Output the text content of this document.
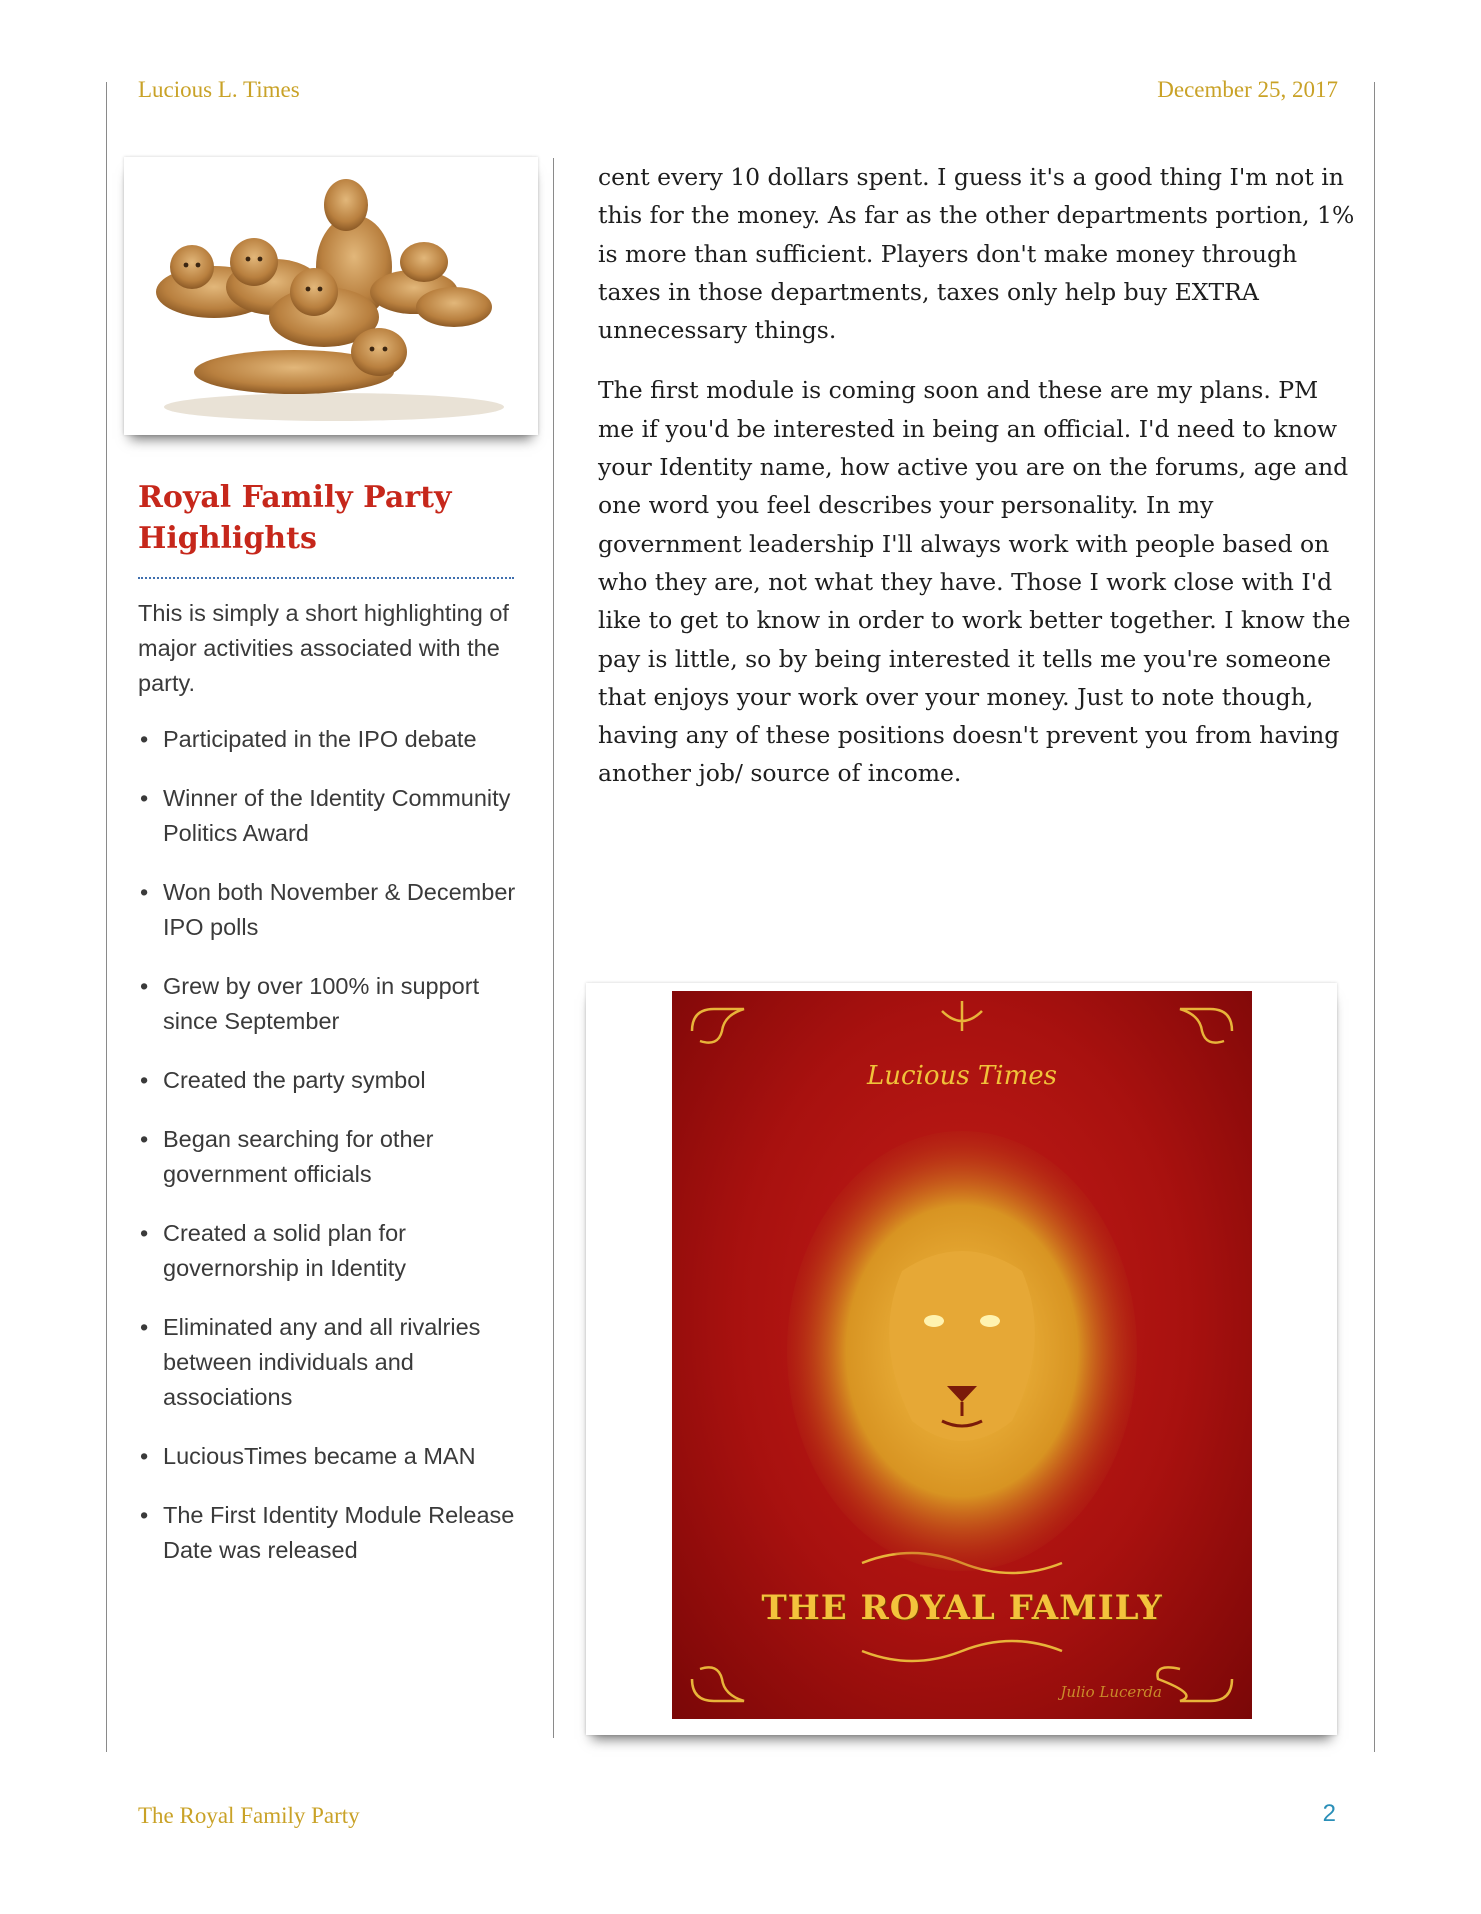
Lucious L. Times	December 25, 2017
Royal Family Party Highlights

This is simply a short highlighting of major activities associated with the party.

• Participated in the IPO debate
• Winner of the Identity Community Politics Award
• Won both November & December IPO polls
• Grew by over 100% in support since September
• Created the party symbol
• Began searching for other government officials
• Created a solid plan for governorship in Identity
• Eliminated any and all rivalries between individuals and associations
• LuciousTimes became a MAN
• The First Identity Module Release Date was released

cent every 10 dollars spent. I guess it's a good thing I'm not in this for the money. As far as the other departments portion, 1% is more than sufficient. Players don't make money through taxes in those departments, taxes only help buy EXTRA unnecessary things.

The first module is coming soon and these are my plans. PM me if you'd be interested in being an official. I'd need to know your Identity name, how active you are on the forums, age and one word you feel describes your personality. In my government leadership I'll always work with people based on who they are, not what they have. Those I work close with I'd like to get to know in order to work better together. I know the pay is little, so by being interested it tells me you're someone that enjoys your work over your money. Just to note though, having any of these positions doesn't prevent you from having another job/ source of income.

Lucious Times
THE ROYAL FAMILY
Julio Lucerda
The Royal Family Party	2
